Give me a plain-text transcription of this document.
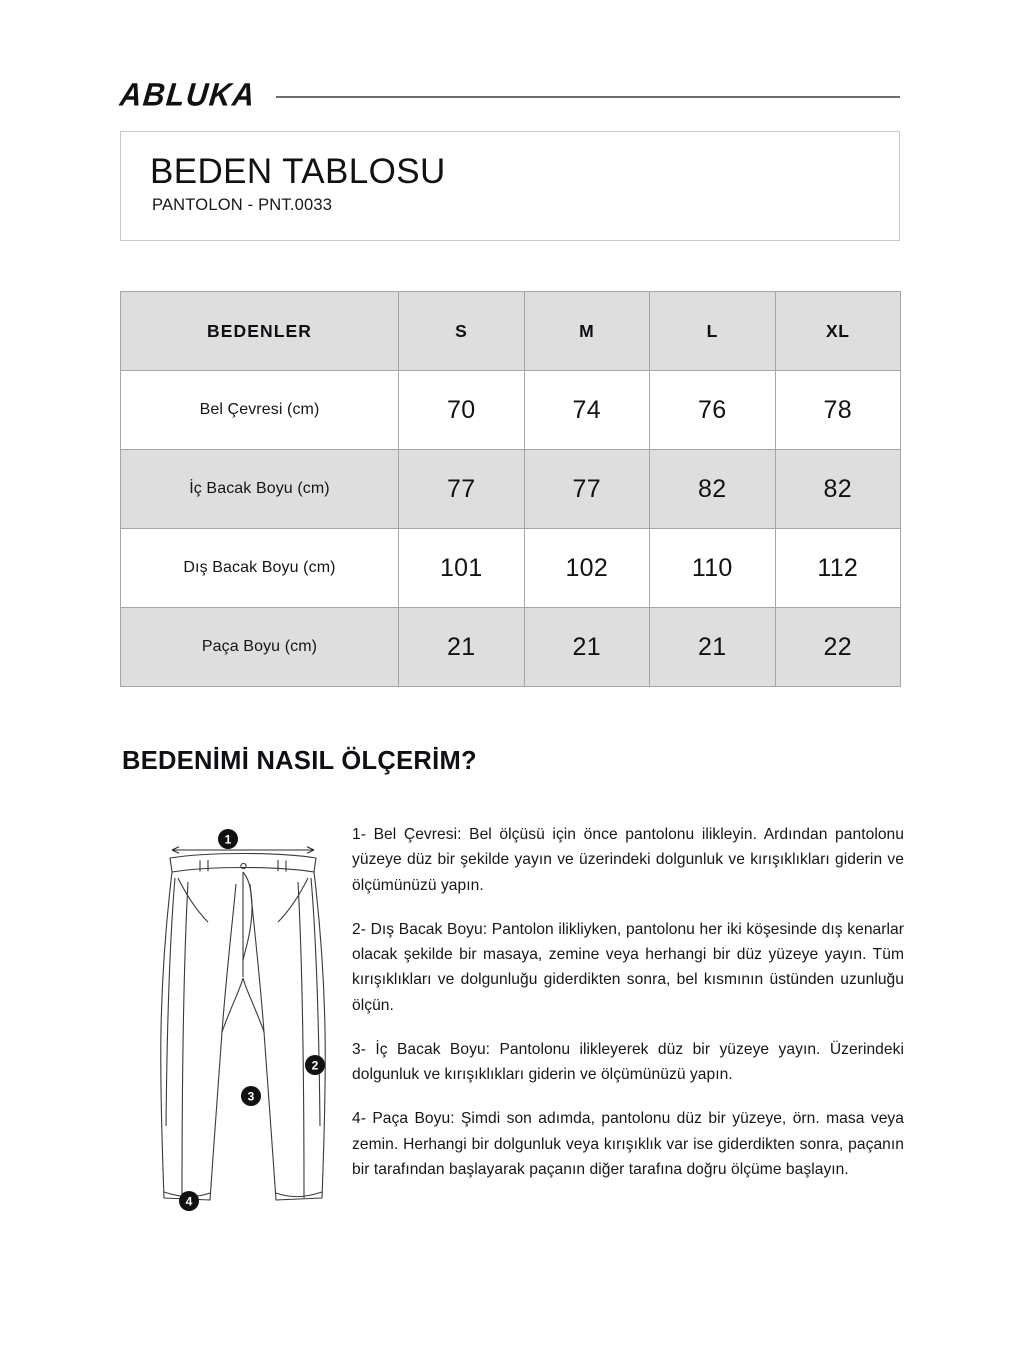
ABLUKA
BEDEN TABLOSU
PANTOLON - PNT.0033
BEDENLER	S	M	L	XL
Bel Çevresi (cm)	70	74	76	78
İç Bacak Boyu (cm)	77	77	82	82
Dış Bacak Boyu (cm)	101	102	110	112
Paça Boyu (cm)	21	21	21	22
BEDENİMİ NASIL ÖLÇERİM?
1
2
3
4

1- Bel Çevresi: Bel ölçüsü için önce pantolonu ilikleyin. Ardından pantolonu yüzeye düz bir şekilde yayın ve üzerindeki dolgunluk ve kırışıklıkları giderin ve ölçümünüzü yapın.

2- Dış Bacak Boyu: Pantolon ilikliyken, pantolonu her iki köşesinde dış kenarlar olacak şekilde bir masaya, zemine veya herhangi bir düz yüzeye yayın. Tüm kırışıklıkları ve dolgunluğu giderdikten sonra, bel kısmının üstünden uzunluğu ölçün.

3- İç Bacak Boyu: Pantolonu ilikleyerek düz bir yüzeye yayın. Üzerindeki dolgunluk ve kırışıklıkları giderin ve ölçümünüzü yapın.

4- Paça Boyu: Şimdi son adımda, pantolonu düz bir yüzeye, örn. masa veya zemin. Herhangi bir dolgunluk veya kırışıklık var ise giderdikten sonra, paçanın bir tarafından başlayarak paçanın diğer tarafına doğru ölçüme başlayın.
